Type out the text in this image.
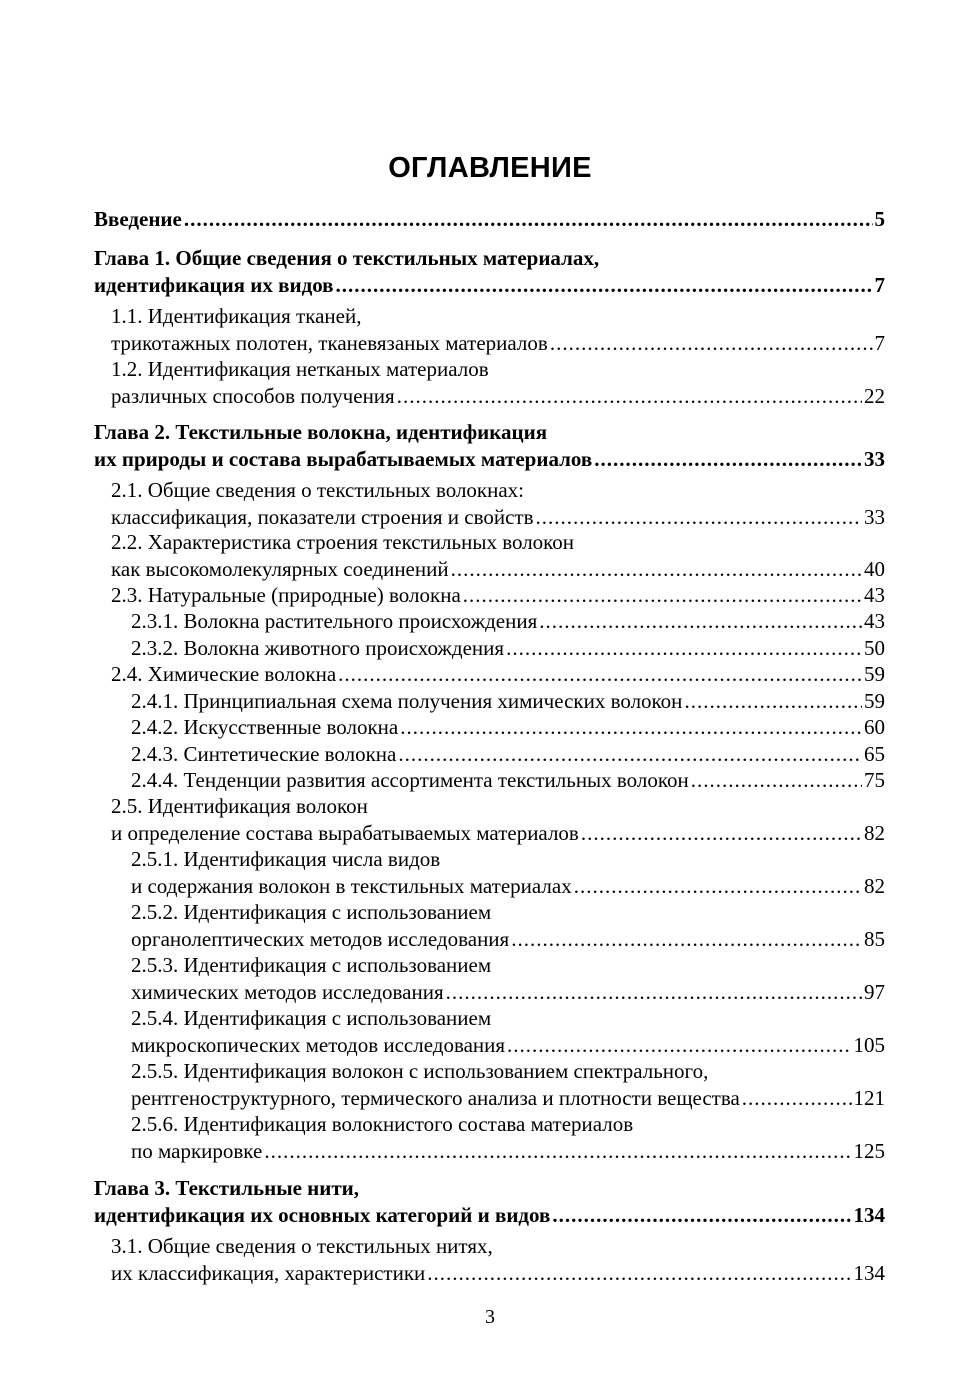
ОГЛАВЛЕНИЕ
Введение .....	5
Глава 1. Общие сведения о текстильных материалах,
идентификация их видов .....	7
1.1. Идентификация тканей,
трикотажных полотен, тканевязаных материалов .....	7
1.2. Идентификация нетканых материалов
различных способов получения .....	22
Глава 2. Текстильные волокна, идентификация
их природы и состава вырабатываемых материалов .....	33
2.1. Общие сведения о текстильных волокнах:
классификация, показатели строения и свойств .....	33
2.2. Характеристика строения текстильных волокон
как высокомолекулярных соединений .....	40
2.3. Натуральные (природные) волокна .....	43
2.3.1. Волокна растительного происхождения .....	43
2.3.2. Волокна животного происхождения .....	50
2.4. Химические волокна .....	59
2.4.1. Принципиальная схема получения химических волокон .....	59
2.4.2. Искусственные волокна .....	60
2.4.3. Синтетические волокна .....	65
2.4.4. Тенденции развития ассортимента текстильных волокон .....	75
2.5. Идентификация волокон
и определение состава вырабатываемых материалов .....	82
2.5.1. Идентификация числа видов
и содержания волокон в текстильных материалах .....	82
2.5.2. Идентификация с использованием
органолептических методов исследования .....	85
2.5.3. Идентификация с использованием
химических методов исследования .....	97
2.5.4. Идентификация с использованием
микроскопических методов исследования .....	105
2.5.5. Идентификация волокон с использованием спектрального,
рентгеноструктурного, термического анализа и плотности вещества .....	121
2.5.6. Идентификация волокнистого состава материалов
по маркировке .....	125
Глава 3. Текстильные нити,
идентификация их основных категорий и видов .....	134
3.1. Общие сведения о текстильных нитях,
их классификация, характеристики .....	134
3
